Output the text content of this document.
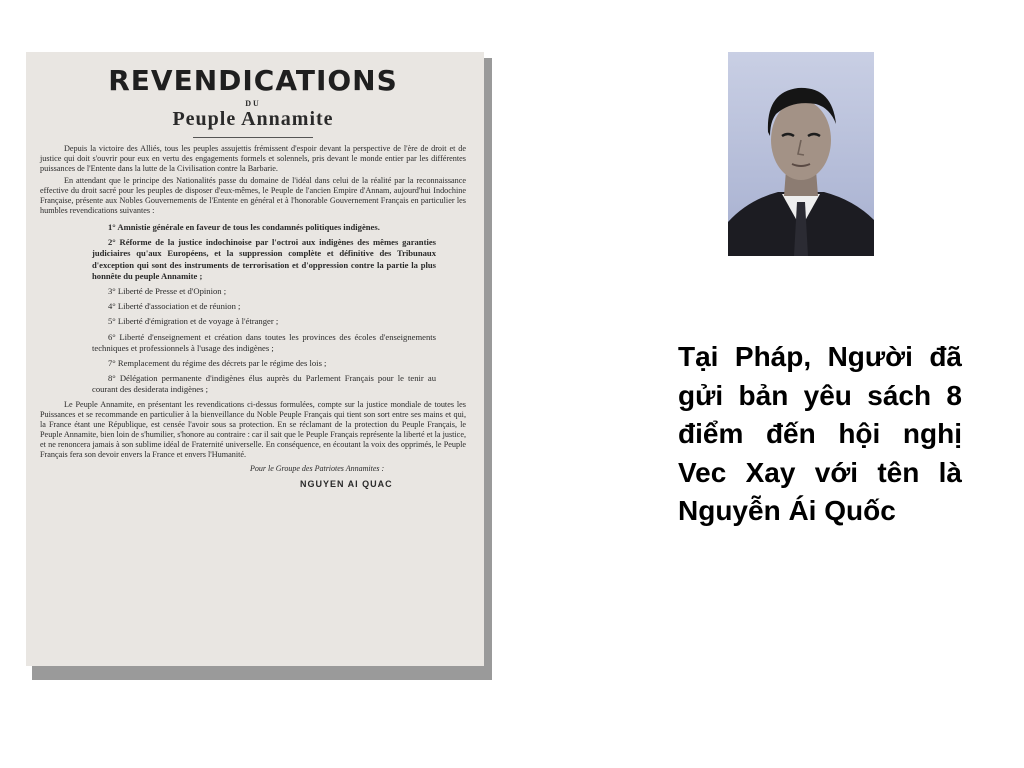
REVENDICATIONS
DU
Peuple Annamite

Depuis la victoire des Alliés, tous les peuples assujettis frémissent d'espoir devant la perspective de l'ère de droit et de justice qui doit s'ouvrir pour eux en vertu des engagements formels et solennels, pris devant le monde entier par les différentes puissances de l'Entente dans la lutte de la Civilisation contre la Barbarie.

En attendant que le principe des Nationalités passe du domaine de l'idéal dans celui de la réalité par la reconnaissance effective du droit sacré pour les peuples de disposer d'eux-mêmes, le Peuple de l'ancien Empire d'Annam, aujourd'hui Indochine Française, présente aux Nobles Gouvernements de l'Entente en général et à l'honorable Gouvernement Français en particulier les humbles revendications suivantes :

1° Amnistie générale en faveur de tous les condamnés politiques indigènes.

2° Réforme de la justice indochinoise par l'octroi aux indigènes des mêmes garanties judiciaires qu'aux Européens, et la suppression complète et définitive des Tribunaux d'exception qui sont des instruments de terrorisation et d'oppression contre la partie la plus honnête du peuple Annamite ;

3° Liberté de Presse et d'Opinion ;

4° Liberté d'association et de réunion ;

5° Liberté d'émigration et de voyage à l'étranger ;

6° Liberté d'enseignement et création dans toutes les provinces des écoles d'enseignements techniques et professionnels à l'usage des indigènes ;

7° Remplacement du régime des décrets par le régime des lois ;

8° Délégation permanente d'indigènes élus auprès du Parlement Français pour le tenir au courant des desiderata indigènes ;

Le Peuple Annamite, en présentant les revendications ci-dessus formulées, compte sur la justice mondiale de toutes les Puissances et se recommande en particulier à la bienveillance du Noble Peuple Français qui tient son sort entre ses mains et qui, la France étant une République, est censée l'avoir sous sa protection. En se réclamant de la protection du Peuple Français, le Peuple Annamite, bien loin de s'humilier, s'honore au contraire : car il sait que le Peuple Français représente la liberté et la justice, et ne renoncera jamais à son sublime idéal de Fraternité universelle. En conséquence, en écoutant la voix des opprimés, le Peuple Français fera son devoir envers la France et envers l'Humanité.

Pour le Groupe des Patriotes Annamites :
NGUYEN AI QUAC
Tại Pháp, Người đã gửi bản yêu sách 8 điểm đến hội nghị Vec Xay với tên là Nguyễn Ái Quốc
